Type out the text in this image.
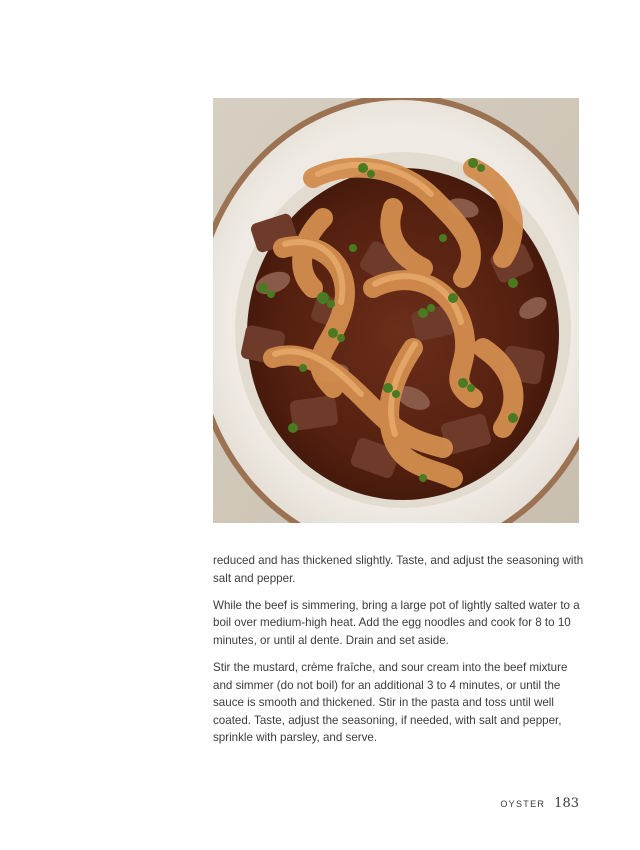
reduced and has thickened slightly. Taste, and adjust the seasoning with salt and pepper.

While the beef is simmering, bring a large pot of lightly salted water to a boil over medium-high heat. Add the egg noodles and cook for 8 to 10 minutes, or until al dente. Drain and set aside.

Stir the mustard, crème fraîche, and sour cream into the beef mixture and simmer (do not boil) for an additional 3 to 4 minutes, or until the sauce is smooth and thickened. Stir in the pasta and toss until well coated. Taste, adjust the seasoning, if needed, with salt and pepper, sprinkle with parsley, and serve.

OYSTER 183
